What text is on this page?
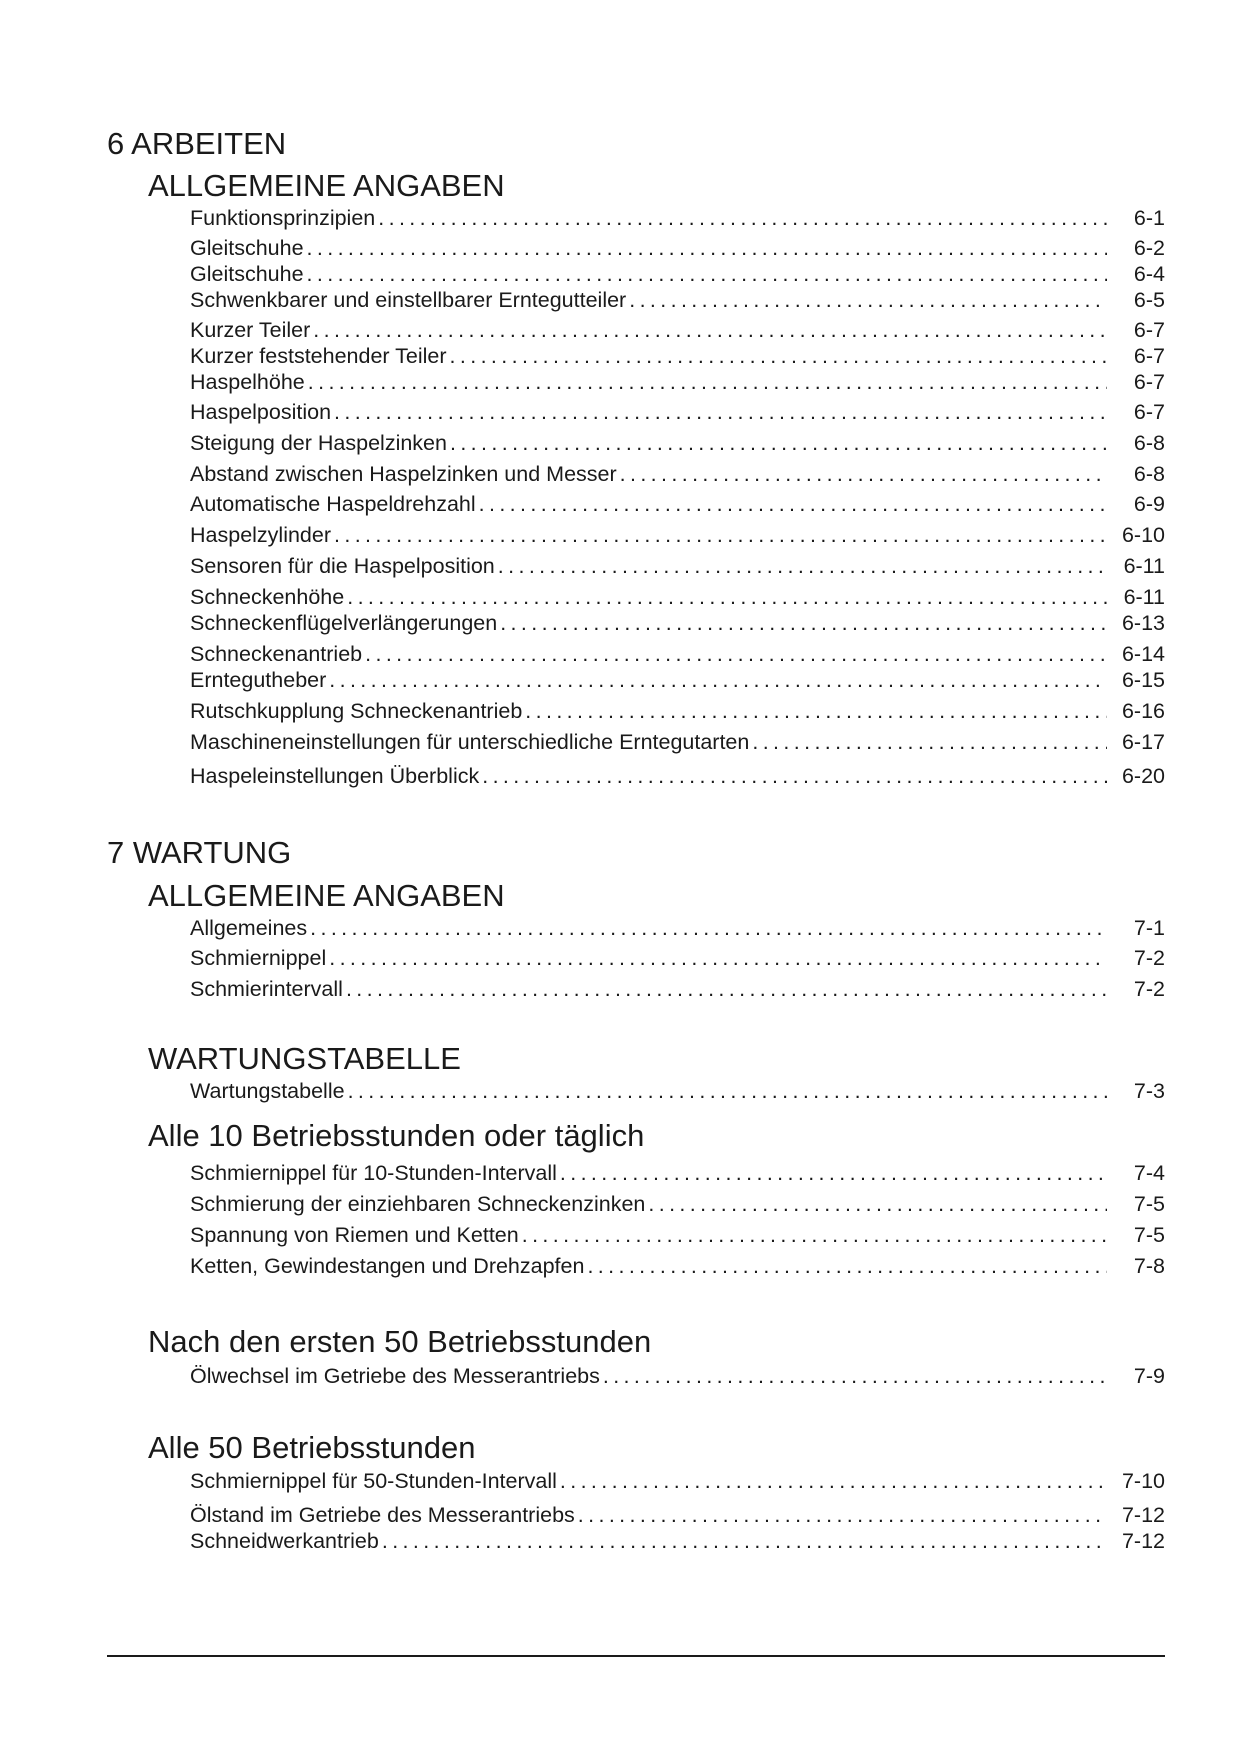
6 ARBEITEN
ALLGEMEINE ANGABEN
Funktionsprinzipien . . .	6-1
Gleitschuhe . . .	6-2
Gleitschuhe . . .	6-4
Schwenkbarer und einstellbarer Erntegutteiler . . .	6-5
Kurzer Teiler . . .	6-7
Kurzer feststehender Teiler . . .	6-7
Haspelhöhe . . .	6-7
Haspelposition . . .	6-7
Steigung der Haspelzinken . . .	6-8
Abstand zwischen Haspelzinken und Messer . . .	6-8
Automatische Haspeldrehzahl . . .	6-9
Haspelzylinder . . .	6-10
Sensoren für die Haspelposition . . .	6-11
Schneckenhöhe . . .	6-11
Schneckenflügelverlängerungen . . .	6-13
Schneckenantrieb . . .	6-14
Erntegutheber . . .	6-15
Rutschkupplung Schneckenantrieb . . .	6-16
Maschineneinstellungen für unterschiedliche Erntegutarten . . .	6-17
Haspeleinstellungen Überblick . . .	6-20
7 WARTUNG
ALLGEMEINE ANGABEN
Allgemeines . . .	7-1
Schmiernippel . . .	7-2
Schmierintervall . . .	7-2
WARTUNGSTABELLE
Wartungstabelle . . .	7-3
Alle 10 Betriebsstunden oder täglich
Schmiernippel für 10-Stunden-Intervall . . .	7-4
Schmierung der einziehbaren Schneckenzinken . . .	7-5
Spannung von Riemen und Ketten . . .	7-5
Ketten, Gewindestangen und Drehzapfen . . .	7-8
Nach den ersten 50 Betriebsstunden
Ölwechsel im Getriebe des Messerantriebs . . .	7-9
Alle 50 Betriebsstunden
Schmiernippel für 50-Stunden-Intervall . . .	7-10
Ölstand im Getriebe des Messerantriebs . . .	7-12
Schneidwerkantrieb . . .	7-12
